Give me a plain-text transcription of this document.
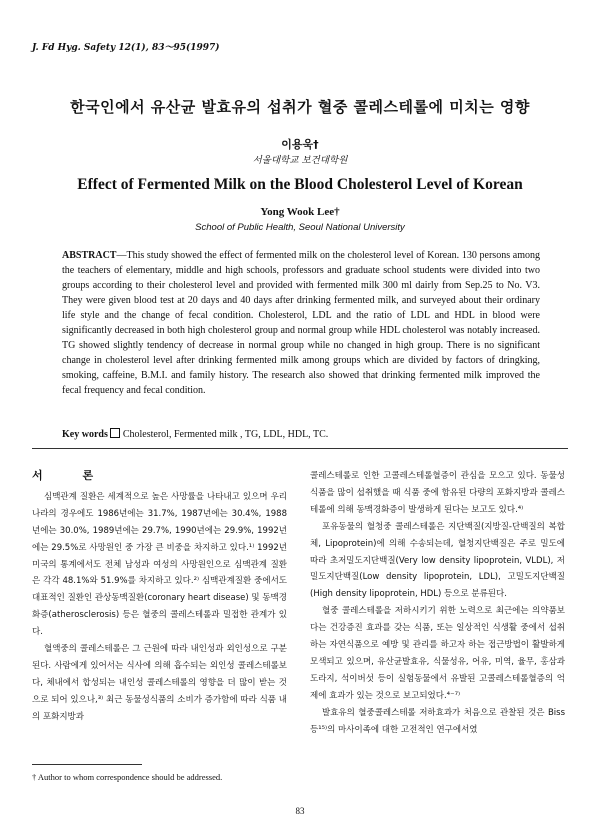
J. Fd Hyg. Safety 12(1), 83～95(1997)
한국인에서 유산균 발효유의 섭취가 혈중 콜레스테롤에 미치는 영향
이용욱†
서울대학교 보건대학원
Effect of Fermented Milk on the Blood Cholesterol Level of Korean
Yong Wook Lee†
School of Public Health, Seoul National University
ABSTRACT—This study showed the effect of fermented milk on the cholesterol level of Korean. 130 persons among the teachers of elementary, middle and high schools, professors and graduate school students were divided into two groups according to their cholesterol level and provided with fermented milk 300 ml dairly from Sep.25 to No. V3. They were given blood test at 20 days and 40 days after drinking fermented milk, and surveyed about their ordinary life style and the change of fecal condition. Cholesterol, LDL and the ratio of LDL and HDL in blood were significantly decreased in both high cholesterol group and normal group while HDL cholesterol was notably increased. TG showed slightly tendency of decrease in normal group while no changed in high group. There is no significant change in cholesterol level after drinking fermented milk among groups which are divided by factors of dringking, smoking, caffeine, B.M.I. and family history. The research also showed that drinking fermented milk improved the fecal frequency and fecal condition.
Key words Cholesterol, Fermented milk , TG, LDL, HDL, TC.

서 론

심맥관계 질환은 세계적으로 높은 사망률을 나타내고 있으며 우리나라의 경우에도 1986년에는 31.7%, 1987년에는 30.4%, 1988년에는 30.0%, 1989년에는 29.7%, 1990년에는 29.9%, 1992년에는 29.5%로 사망원인 중 가장 큰 비중을 차지하고 있다.¹⁾ 1992년 미국의 통계에서도 전체 남성과 여성의 사망원인으로 심맥관계 질환은 각각 48.1%와 51.9%를 차지하고 있다.²⁾ 심맥관계질환 중에서도 대표적인 질환인 관상동맥질환(coronary heart disease) 및 동맥경화증(atherosclerosis) 등은 혈중의 콜레스테롤과 밀접한 관계가 있다.

혈액중의 콜레스테롤은 그 근원에 따라 내인성과 외인성으로 구분된다. 사람에게 있어서는 식사에 의해 흡수되는 외인성 콜레스테롤보다, 체내에서 합성되는 내인성 콜레스테롤의 영향을 더 많이 받는 것으로 되어 있으나,³⁾ 최근 동물성식품의 소비가 증가함에 따라 식품 내의 포화지방과

콜레스테롤로 인한 고콜레스테롤혈증이 관심을 모으고 있다. 동물성 식품을 많이 섭취했을 때 식품 중에 함유된 다량의 포화지방과 콜레스테롤에 의해 동맥경화증이 발생하게 된다는 보고도 있다.⁴⁾

포유동물의 혈청중 콜레스테롤은 지단백질(지방질-단백질의 복합체, Lipoprotein)에 의해 수송되는데, 혈청지단백질은 주로 밀도에 따라 초저밀도지단백질(Very low density lipoprotein, VLDL), 저밀도지단백질(Low density lipoprotein, LDL), 고밀도지단백질(High density lipoprotein, HDL) 등으로 분류된다.

혈중 콜레스테롤을 저하시키기 위한 노력으로 최근에는 의약품보다는 건강증진 효과를 갖는 식품, 또는 일상적인 식생활 중에서 섭취하는 자연식품으로 예방 및 관리를 하고자 하는 접근방법이 활발하게 모색되고 있으며, 유산균발효유, 식물성유, 어유, 미역, 율무, 홍삼과 도라지, 석이버섯 등이 실험동물에서 유발된 고콜레스테롤혈증의 억제에 효과가 있는 것으로 보고되었다.⁴⁻⁷⁾

발효유의 혈중콜레스테롤 저하효과가 처음으로 관찰된 것은 Biss 등¹⁵⁾의 마사이족에 대한 고전적인 연구에서였

† Author to whom correspondence should be addressed.
83
